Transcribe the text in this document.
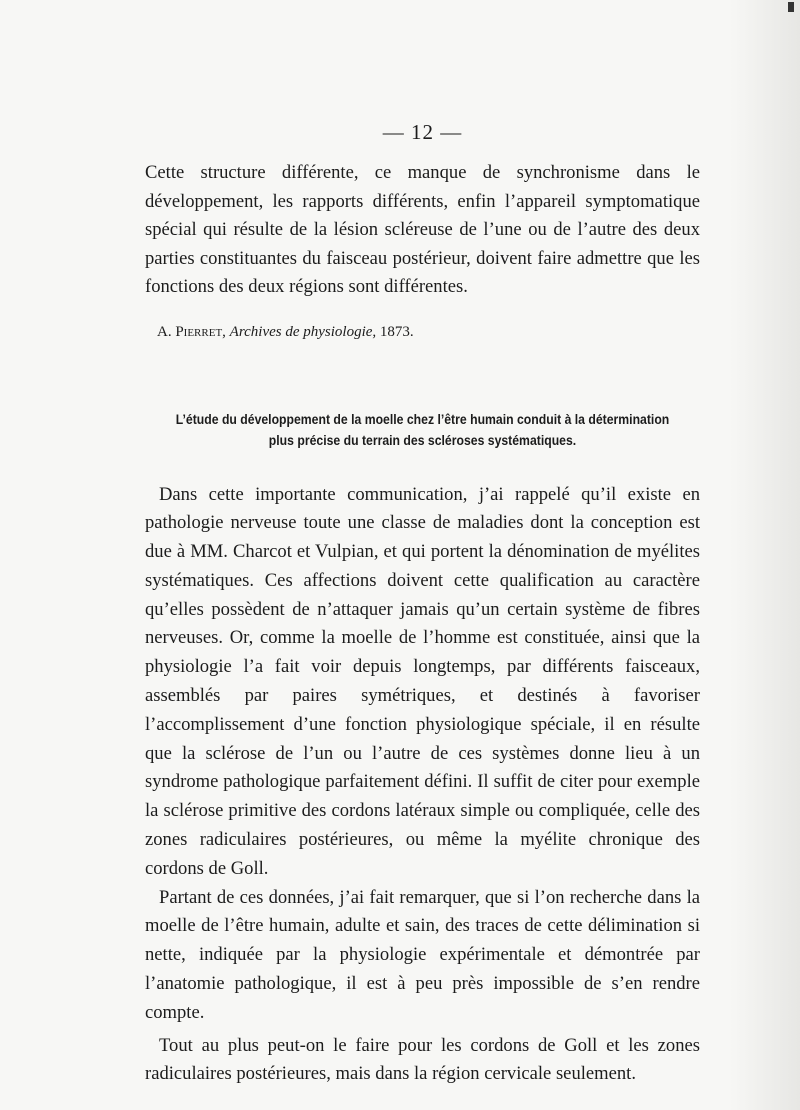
— 12 —

Cette structure différente, ce manque de synchronisme dans le développement, les rapports différents, enfin l’appareil symptomatique spécial qui résulte de la lésion scléreuse de l’une ou de l’autre des deux parties constituantes du faisceau postérieur, doivent faire admettre que les fonctions des deux régions sont différentes.

A. Pierret, Archives de physiologie, 1873.
L’étude du développement de la moelle chez l’être humain conduit à la détermination
plus précise du terrain des scléroses systématiques.

Dans cette importante communication, j’ai rappelé qu’il existe en pathologie nerveuse toute une classe de maladies dont la conception est due à MM. Charcot et Vulpian, et qui portent la dénomination de myélites systématiques. Ces affections doivent cette qualification au caractère qu’elles possèdent de n’attaquer jamais qu’un certain système de fibres nerveuses. Or, comme la moelle de l’homme est constituée, ainsi que la physiologie l’a fait voir depuis longtemps, par différents faisceaux, assemblés par paires symétriques, et destinés à favoriser l’accomplissement d’une fonction physiologique spéciale, il en résulte que la sclérose de l’un ou l’autre de ces systèmes donne lieu à un syndrome pathologique parfaitement défini. Il suffit de citer pour exemple la sclérose primitive des cordons latéraux simple ou compliquée, celle des zones radiculaires postérieures, ou même la myélite chronique des cordons de Goll.

Partant de ces données, j’ai fait remarquer, que si l’on recherche dans la moelle de l’être humain, adulte et sain, des traces de cette délimination si nette, indiquée par la physiologie expérimentale et démontrée par l’anatomie pathologique, il est à peu près impossible de s’en rendre compte.

Tout au plus peut-on le faire pour les cordons de Goll et les zones radiculaires postérieures, mais dans la région cervicale seulement.
